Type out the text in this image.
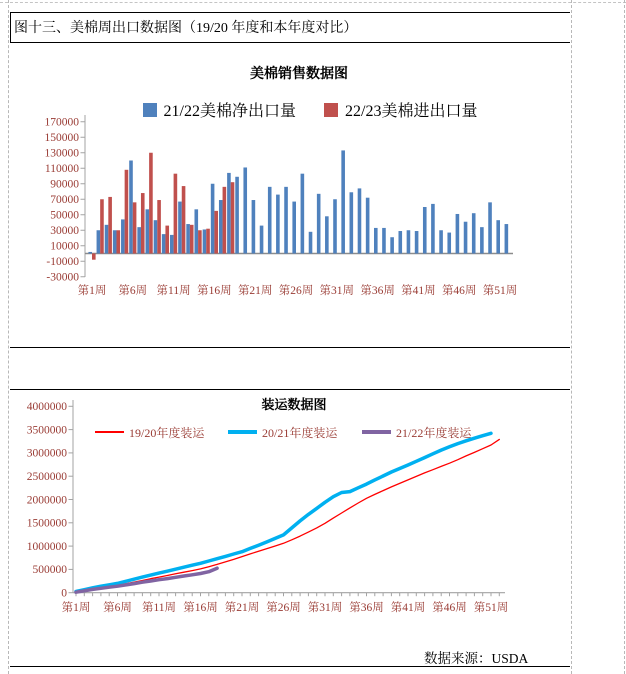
图十三、美棉周出口数据图（19/20 年度和本年度对比）
美棉销售数据图
21/22美棉净出口量	22/23美棉进出口量
-30000
-10000
10000
30000
50000
70000
90000
110000
130000
150000
170000
第1周 第6周 第11周 第16周 第21周 第26周 第31周 第36周 第41周 第46周 第51周
装运数据图
19/20年度装运	20/21年度装运	21/22年度装运
0
500000
1000000
1500000
2000000
2500000
3000000
3500000
4000000
第1周 第6周 第11周 第16周 第21周 第26周 第31周 第36周 第41周 第46周 第51周
数据来源：USDA
